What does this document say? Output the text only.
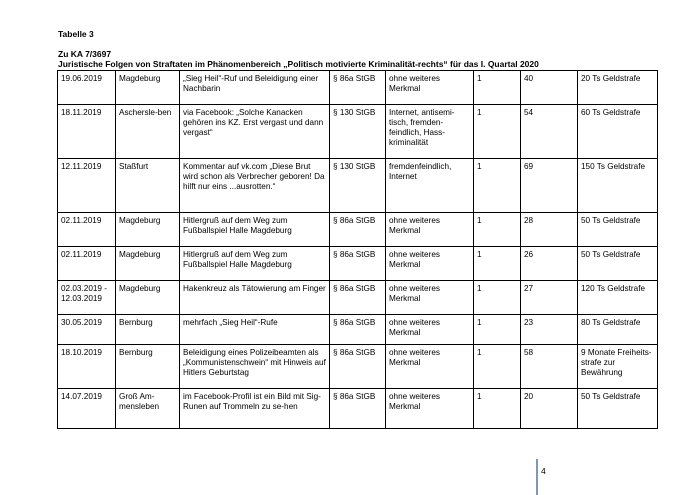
Tabelle 3
Zu KA 7/3697
Juristische Folgen von Straftaten im Phänomenbereich „Politisch motivierte Kriminalität-rechts“ für das I. Quartal 2020
19.06.2019	Magdeburg	„Sieg Heil“-Ruf und Beleidigung einer Nachbarin	§ 86a StGB	ohne weiteres Merkmal	1	40	20 Ts Geldstrafe
18.11.2019	Aschersle-ben	via Facebook: „Solche Kanacken gehören ins KZ. Erst vergast und dann vergast“	§ 130 StGB	Internet, antisemi-tisch, fremden-feindlich, Hass-kriminalität	1	54	60 Ts Geldstrafe
12.11.2019	Staßfurt	Kommentar auf vk.com „Diese Brut wird schon als Verbrecher geboren! Da hilft nur eins ...ausrotten.“	§ 130 StGB	fremdenfeindlich, Internet	1	69	150 Ts Geldstrafe
02.11.2019	Magdeburg	Hitlergruß auf dem Weg zum Fußballspiel Halle Magdeburg	§ 86a StGB	ohne weiteres Merkmal	1	28	50 Ts Geldstrafe
02.11.2019	Magdeburg	Hitlergruß auf dem Weg zum Fußballspiel Halle Magdeburg	§ 86a StGB	ohne weiteres Merkmal	1	26	50 Ts Geldstrafe
02.03.2019 - 12.03.2019	Magdeburg	Hakenkreuz als Tätowierung am Finger	§ 86a StGB	ohne weiteres Merkmal	1	27	120 Ts Geldstrafe
30.05.2019	Bernburg	mehrfach „Sieg Heil“-Rufe	§ 86a StGB	ohne weiteres Merkmal	1	23	80 Ts Geldstrafe
18.10.2019	Bernburg	Beleidigung eines Polizeibeamten als „Kommunistenschwein“ mit Hinweis auf Hitlers Geburtstag	§ 86a StGB	ohne weiteres Merkmal	1	58	9 Monate Freiheits-strafe zur Bewährung
14.07.2019	Groß Am-mensleben	im Facebook-Profil ist ein Bild mit Sig-Runen auf Trommeln zu se-hen	§ 86a StGB	ohne weiteres Merkmal	1	20	50 Ts Geldstrafe
4
